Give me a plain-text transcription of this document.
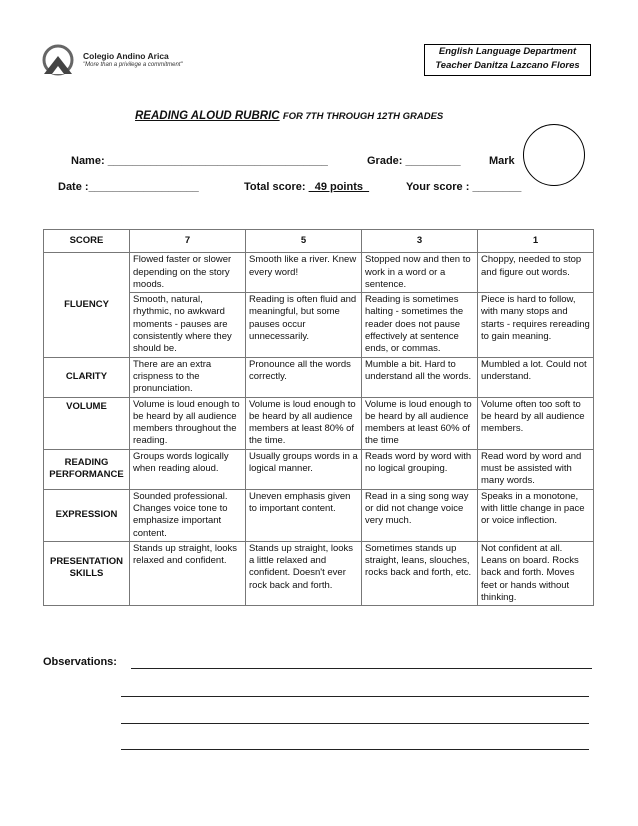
Colegio Andino Arica
"More than a privilege a commitment"
English Language Department
Teacher Danitza Lazcano Flores
READING ALOUD RUBRIC FOR 7TH THROUGH 12TH GRADES
Name: ____________________________________	Grade: _________	Mark
Date :__________________	Total score:   49 points	Your score : ________
SCORE	7	5	3	1
FLUENCY	Flowed faster or slower depending on the story moods.	Smooth like a river. Knew every word!	Stopped now and then to work in a word or a sentence.	Choppy, needed to stop and figure out words.
	Smooth, natural, rhythmic, no awkward moments - pauses are consistently where they should be.	Reading is often fluid and meaningful, but some pauses occur unnecessarily.	Reading is sometimes halting - sometimes the reader does not pause effectively at sentence ends, or commas.	Piece is hard to follow, with many stops and starts - requires rereading to gain meaning.
CLARITY	There are an extra crispness to the pronunciation.	Pronounce all the words correctly.	Mumble a bit. Hard to understand all the words.	Mumbled a lot. Could not understand.
VOLUME	Volume is loud enough to be heard by all audience members throughout the reading.	Volume is loud enough to be heard by all audience members at least 80% of the time.	Volume is loud enough to be heard by all audience members at least 60% of the time	Volume often too soft to be heard by all audience members.
READING PERFORMANCE	Groups words logically when reading aloud.	Usually groups words in a logical manner.	Reads word by word with no logical grouping.	Read word by word and must be assisted with many words.
EXPRESSION	Sounded professional. Changes voice tone to emphasize important content.	Uneven emphasis given to important content.	Read in a sing song way or did not change voice very much.	Speaks in a monotone, with little change in pace or voice inflection.
PRESENTATION SKILLS	Stands up straight, looks relaxed and confident.	Stands up straight, looks a little relaxed and confident. Doesn't ever rock back and forth.	Sometimes stands up straight, leans, slouches, rocks back and forth, etc.	Not confident at all. Leans on board. Rocks back and forth. Moves feet or hands without thinking.
Observations:
